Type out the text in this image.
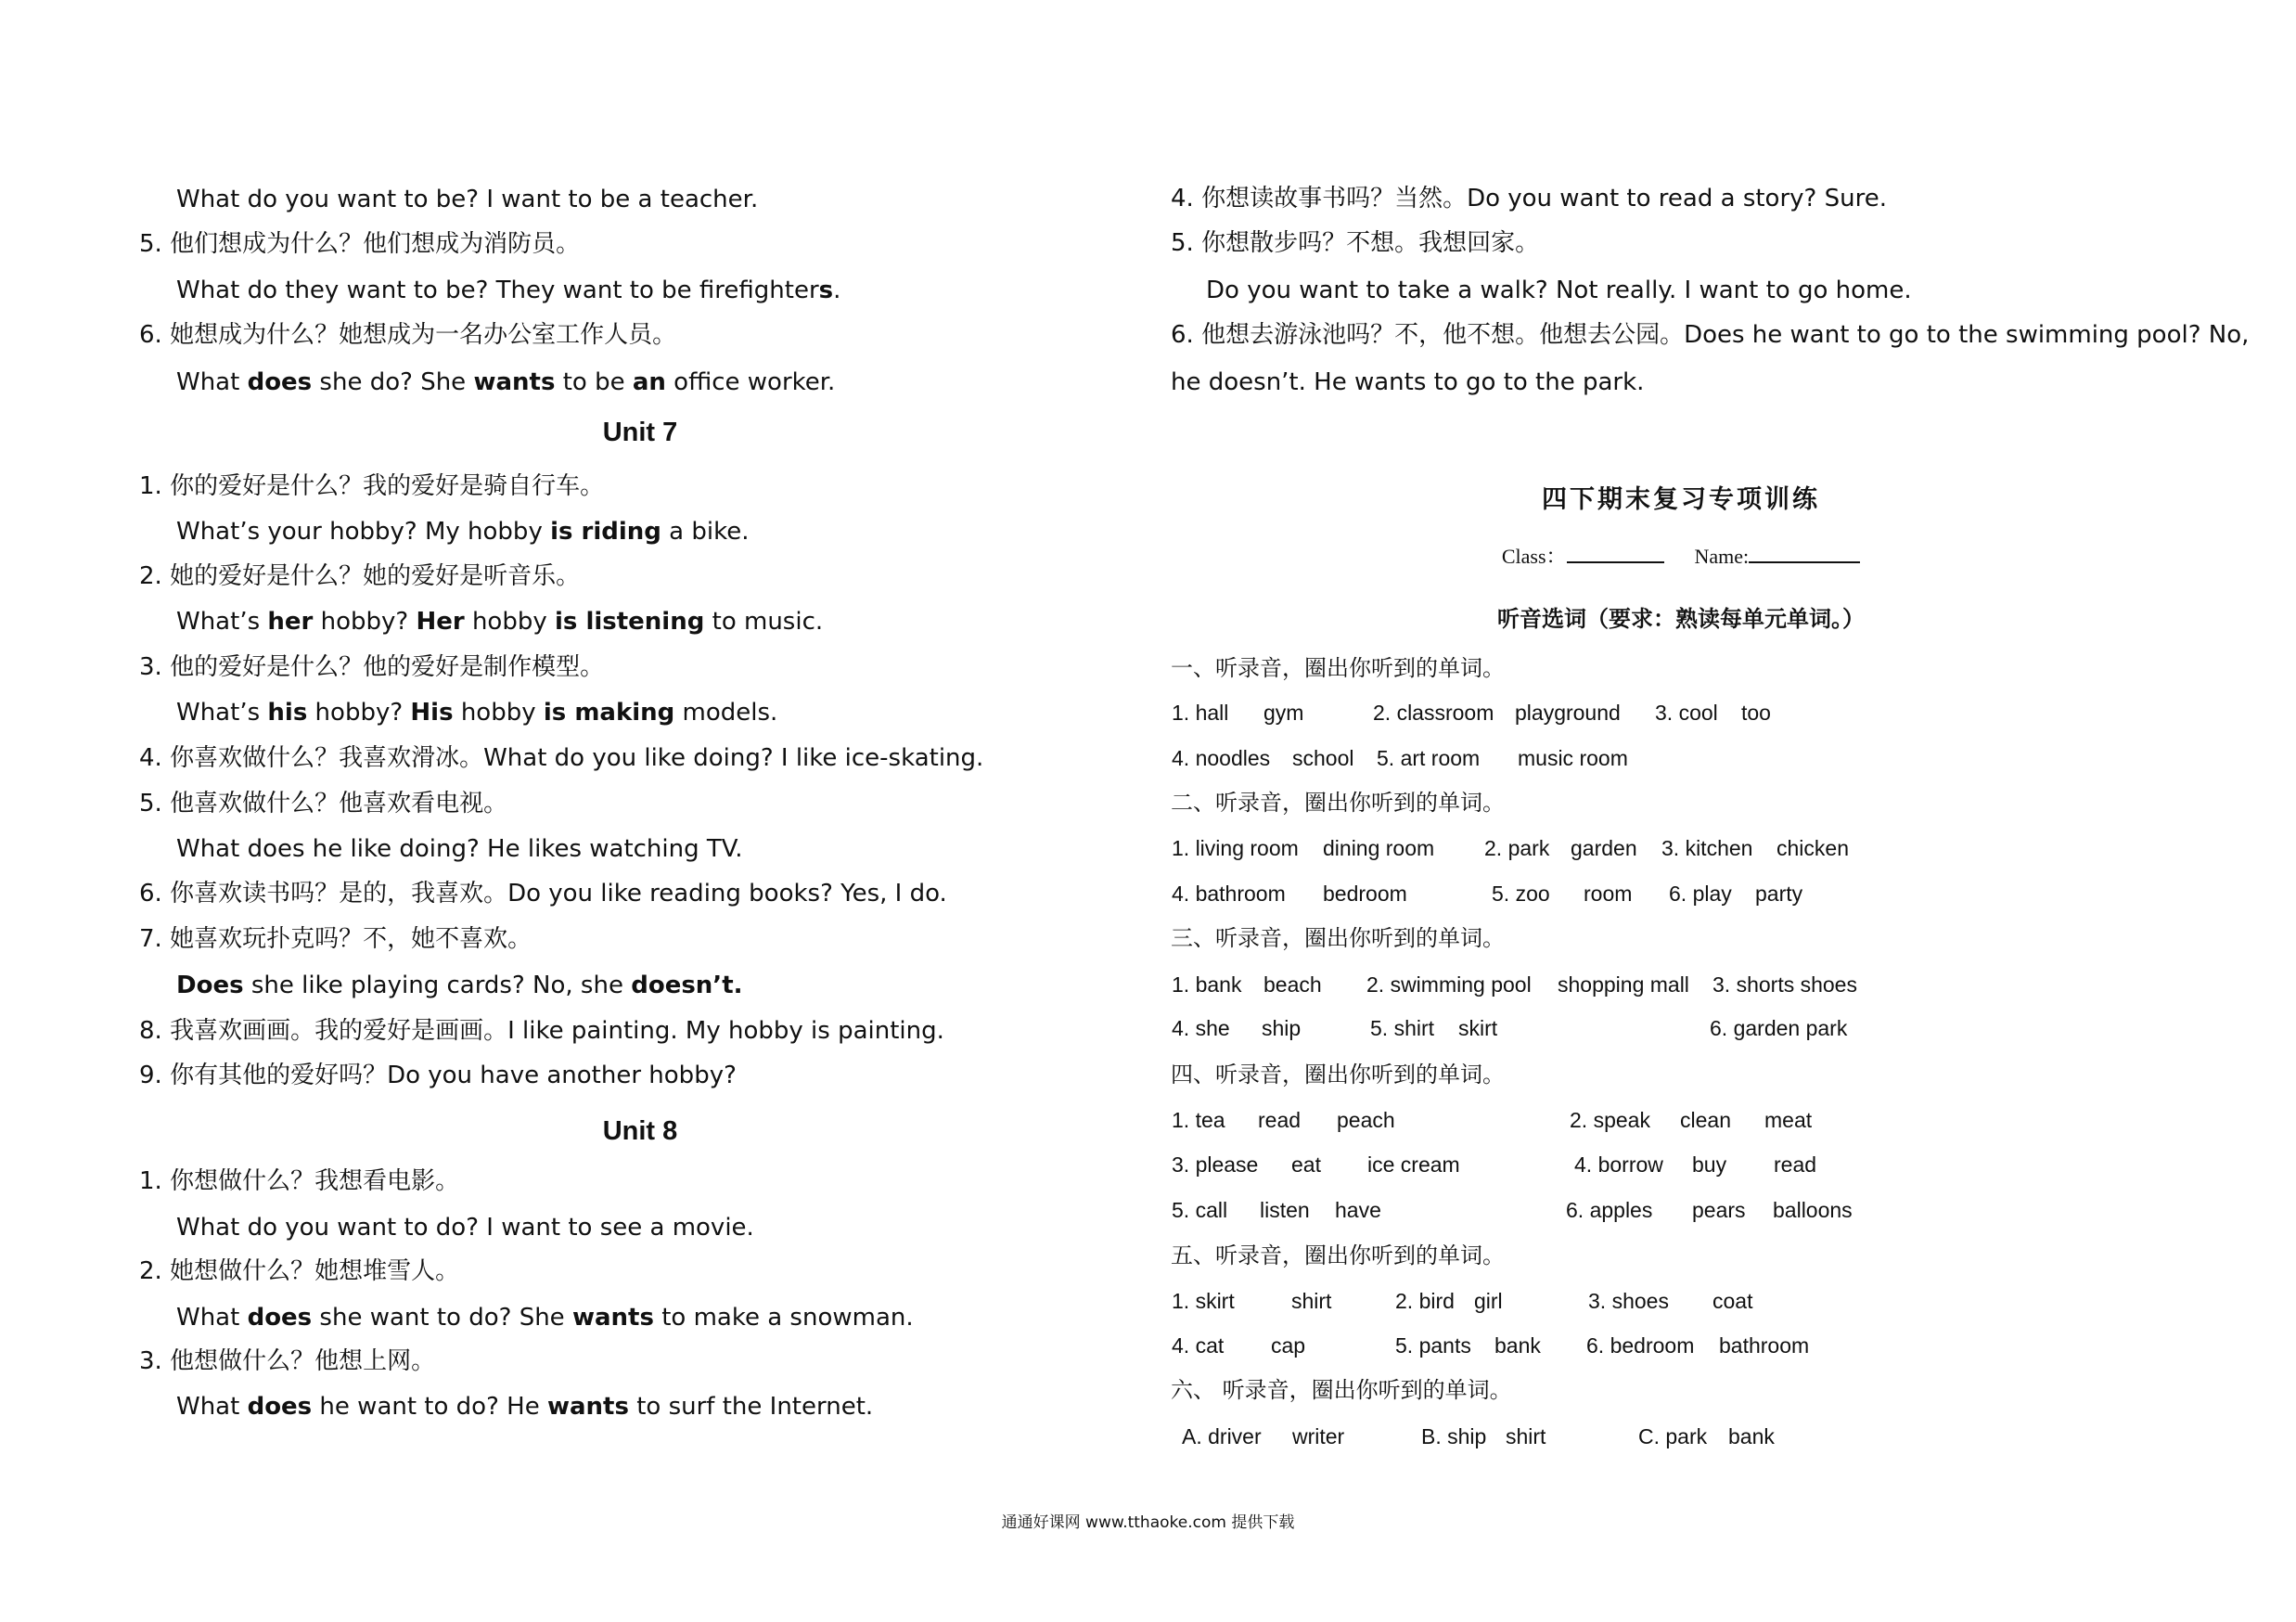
What do you want to be? I want to be a teacher.
5. 他们想成为什么？他们想成为消防员。
What do they want to be? They want to be firefighters.
6. 她想成为什么？她想成为一名办公室工作人员。
What does she do? She wants to be an office worker.
Unit 7
1. 你的爱好是什么？我的爱好是骑自行车。
What’s your hobby? My hobby is riding a bike.
2. 她的爱好是什么？她的爱好是听音乐。
What’s her hobby? Her hobby is listening to music.
3. 他的爱好是什么？他的爱好是制作模型。
What’s his hobby? His hobby is making models.
4. 你喜欢做什么？我喜欢滑冰。What do you like doing? I like ice-skating.
5. 他喜欢做什么？他喜欢看电视。
What does he like doing? He likes watching TV.
6. 你喜欢读书吗？是的，我喜欢。Do you like reading books? Yes, I do.
7. 她喜欢玩扑克吗？不，她不喜欢。
Does she like playing cards? No, she doesn’t.
8. 我喜欢画画。我的爱好是画画。I like painting. My hobby is painting.
9. 你有其他的爱好吗？Do you have another hobby?
Unit 8
1. 你想做什么？我想看电影。
What do you want to do? I want to see a movie.
2. 她想做什么？她想堆雪人。
What does she want to do? She wants to make a snowman.
3. 他想做什么？他想上网。
What does he want to do? He wants to surf the Internet.
4. 你想读故事书吗？当然。Do you want to read a story? Sure.
5. 你想散步吗？不想。我想回家。
Do you want to take a walk? Not really. I want to go home.
6. 他想去游泳池吗？不，他不想。他想去公园。Does he want to go to the swimming pool? No,
he doesn’t. He wants to go to the park.
四下期末复习专项训练
Class：	Name:
听音选词（要求：熟读每单元单词。）
一、听录音，圈出你听到的单词。
1. hall gym	2. classroom playground 3. cool too
4. noodles school 5. art room music room
二、听录音，圈出你听到的单词。
1. living room dining room 2. park garden 3. kitchen chicken
4. bathroom bedroom	5. zoo room 6. play party
三、听录音，圈出你听到的单词。
1. bank beach 2. swimming pool shopping mall 3. shorts shoes
4. she ship	5. shirt skirt	6. garden park
四、听录音，圈出你听到的单词。
1. tea read peach	2. speak clean meat
3. please eat ice cream	4. borrow buy read
5. call listen have	6. apples pears balloons
五、听录音，圈出你听到的单词。
1. skirt	shirt	2. bird girl	3. shoes coat
4. cat cap	5. pants bank 6. bedroom bathroom
六、 听录音，圈出你听到的单词。
A. driver writer	B. ship shirt	C. park bank
通通好课网 www.tthaoke.com 提供下载
